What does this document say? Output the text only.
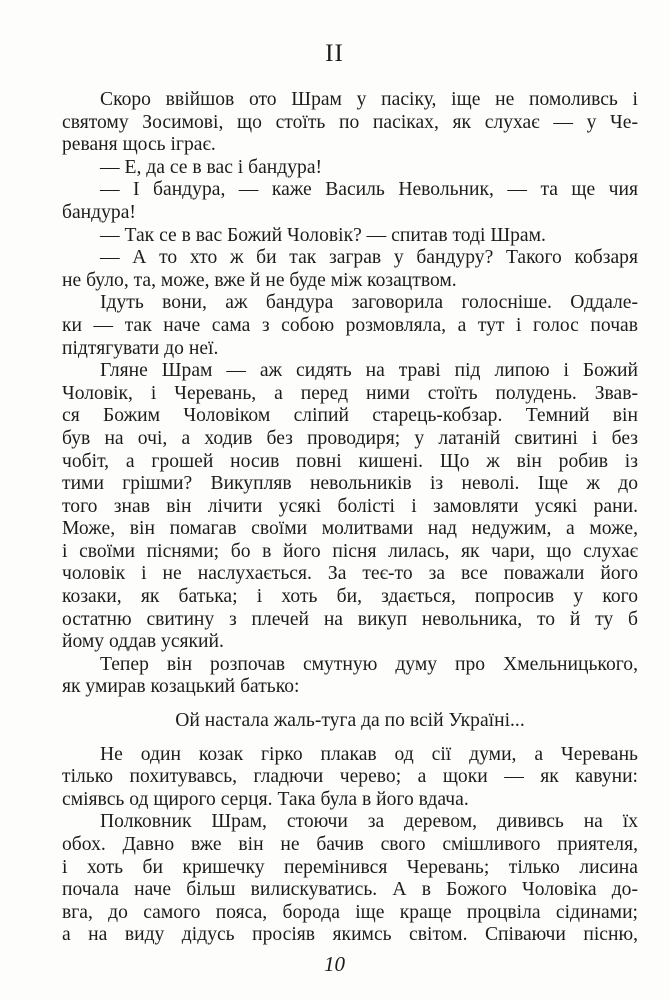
II
Скоро ввійшов ото Шрам у пасіку, іще не помоливсь і
святому Зосимові, що стоїть по пасіках, як слухає — у Че-
реваня щось іграє.
— Е, да се в вас і бандура!
— І бандура, — каже Василь Невольник, — та ще чия
бандура!
— Так се в вас Божий Чоловік? — спитав тоді Шрам.
— А то хто ж би так заграв у бандуру? Такого кобзаря
не було, та, може, вже й не буде між козацтвом.
Ідуть вони, аж бандура заговорила голосніше. Оддале-
ки — так наче сама з собою розмовляла, а тут і голос почав
підтягувати до неї.
Гляне Шрам — аж сидять на траві під липою і Божий
Чоловік, і Черевань, а перед ними стоїть полудень. Звав-
ся Божим Чоловіком сліпий старець-кобзар. Темний він
був на очі, а ходив без проводиря; у латаній свитині і без
чобіт, а грошей носив повні кишені. Що ж він робив із
тими грішми? Викупляв невольників із неволі. Іще ж до
того знав він лічити усякі болісті і замовляти усякі рани.
Може, він помагав своїми молитвами над недужим, а може,
і своїми піснями; бо в його пісня лилась, як чари, що слухає
чоловік і не наслухається. За теє-то за все поважали його
козаки, як батька; і хоть би, здається, попросив у кого
остатню свитину з плечей на викуп невольника, то й ту б
йому оддав усякий.
Тепер він розпочав смутную думу про Хмельницького,
як умирав козацький батько:
Ой настала жаль-туга да по всій Україні...
Не один козак гірко плакав од сії думи, а Черевань
тілько похитувавсь, гладючи черево; а щоки — як кавуни:
сміявсь од щирого серця. Така була в його вдача.
Полковник Шрам, стоючи за деревом, дививсь на їх
обох. Давно вже він не бачив свого смішливого приятеля,
і хоть би кришечку перемінився Черевань; тілько лисина
почала наче більш вилискуватись. А в Божого Чоловіка до-
вга, до самого пояса, борода іще краще процвіла сідинами;
а на виду дідусь просіяв якимсь світом. Співаючи пісню,
10
